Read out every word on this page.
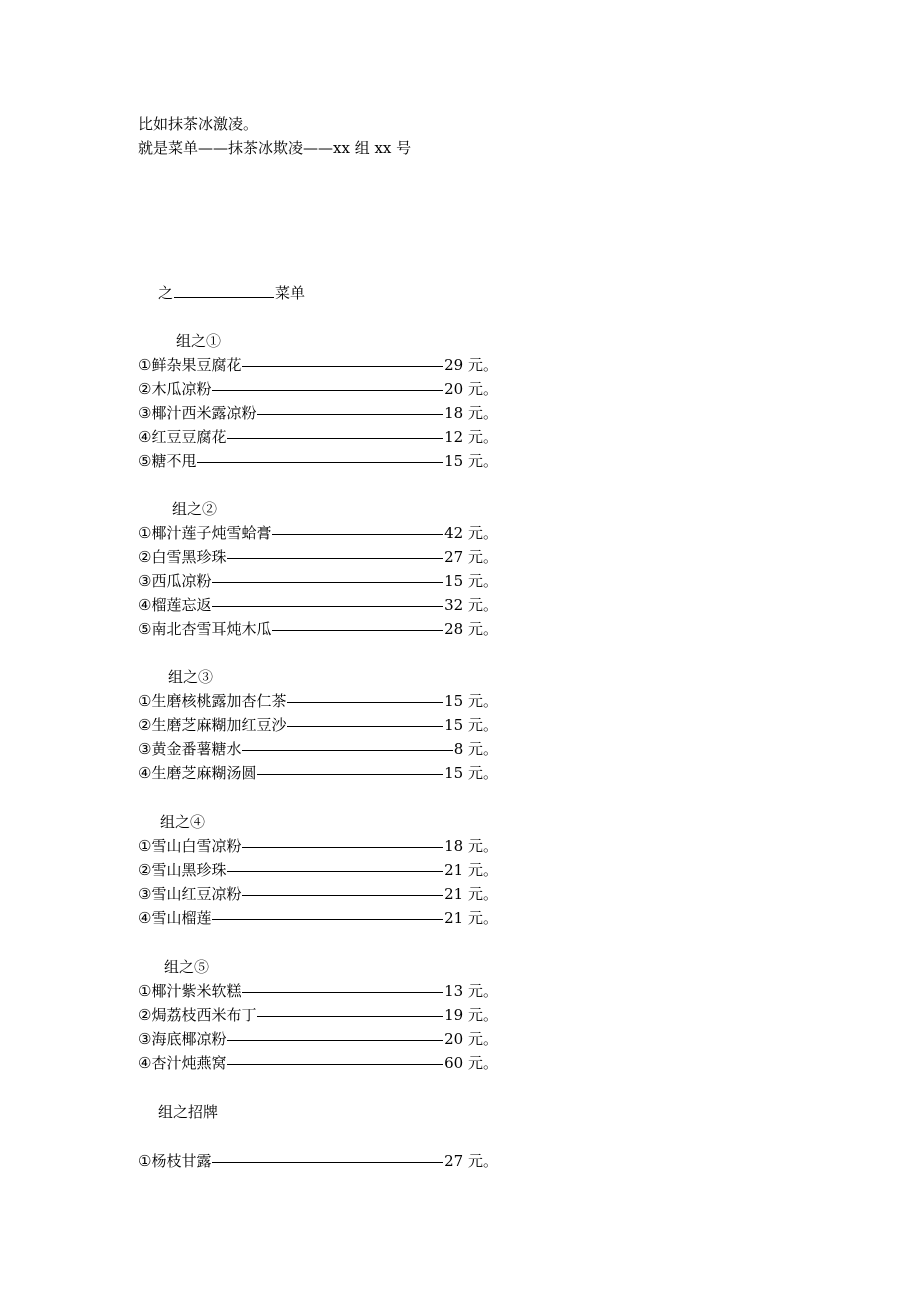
比如抹茶冰激凌。
就是菜单——抹茶冰欺凌——xx 组 xx 号
之	菜单
组之①
① 鲜杂果豆腐花	29 元。
② 木瓜凉粉	20 元。
③ 椰汁西米露凉粉	18 元。
④ 红豆豆腐花	12 元。
⑤ 糖不甩	15 元。
组之②
① 椰汁莲子炖雪蛤膏	42 元。
② 白雪黑珍珠	27 元。
③ 西瓜凉粉	15 元。
④ 榴莲忘返	32 元。
⑤ 南北杏雪耳炖木瓜	28 元。
组之③
① 生磨核桃露加杏仁茶	15 元。
② 生磨芝麻糊加红豆沙	15 元。
③ 黄金番薯糖水	8 元。
④ 生磨芝麻糊汤圆	15 元。
组之④
① 雪山白雪凉粉	18 元。
② 雪山黑珍珠	21 元。
③ 雪山红豆凉粉	21 元。
④ 雪山榴莲	21 元。
组之⑤
① 椰汁紫米软糕	13 元。
② 焗荔枝西米布丁	19 元。
③ 海底椰凉粉	20 元。
④ 杏汁炖燕窝	60 元。
组之招牌
① 杨枝甘露	27 元。
